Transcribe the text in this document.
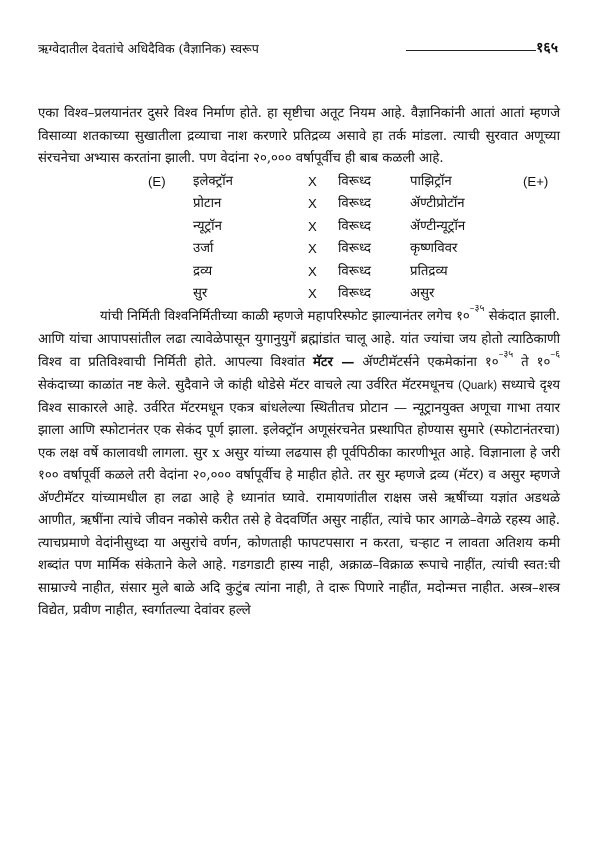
ऋग्वेदातील देवतांचे अधिदैविक (वैज्ञानिक) स्वरूप	१६५

एका विश्व–प्रलयानंतर दुसरे विश्व निर्माण होते. हा सृष्टीचा अतूट नियम आहे. वैज्ञानिकांनी आतां आतां म्हणजे विसाव्या शतकाच्या सुखातीला द्रव्याचा नाश करणारे प्रतिद्रव्य असावे हा तर्क मांडला. त्याची सुरवात अणूच्या संरचनेचा अभ्यास करतांना झाली. पण वेदांना २०,००० वर्षापूर्वीच ही बाब कळली आहे.

(E) इलेक्ट्रॉन	X विरूध्द	पाझिट्रॉन	(E+)
प्रोटान	X विरूध्द	ॲण्टीप्रोटॉन
न्यूट्रॉन	X विरूध्द	ॲण्टीन्यूट्रॉन
उर्जा	X विरूध्द	कृष्णविवर
द्रव्य	X विरूध्द	प्रतिद्रव्य
सुर	X विरूध्द	असुर

यांची निर्मिती विश्वनिर्मितीच्या काळी म्हणजे महापरिस्फोट झाल्यानंतर लगेच $१०^{-३५}$ सेकंदात झाली. आणि यांचा आपापसांतील लढा त्यावेळेपासून युगानुयुगें ब्रह्मांडांत चालू आहे. यांत ज्यांचा जय होतो त्याठिकाणी विश्व वा प्रतिविश्वाची निर्मिती होते. आपल्या विश्वांत मॅटर — ॲण्टीमॅटर्सने एकमेकांना $१०^{-३५}$ ते $१०^{-६}$ सेकंदाच्या काळांत नष्ट केले. सुदैवाने जे कांही थोडेसे मॅटर वाचले त्या उर्वरित मॅटरमधूनच (Quark) सध्याचे दृश्य विश्व साकारले आहे. उर्वरित मॅटरमधून एकत्र बांधलेल्या स्थितीतच प्रोटान — न्यूट्रानयुक्त अणूचा गाभा तयार झाला आणि स्फोटानंतर एक सेकंद पूर्ण झाला. इलेक्ट्रॉन अणूसंरचनेत प्रस्थापित होण्यास सुमारे (स्फोटानंतरचा) एक लक्ष वर्षे कालावधी लागला. सुर x असुर यांच्या लढयास ही पूर्वपिठीका कारणीभूत आहे. विज्ञानाला हे जरी १०० वर्षापूर्वी कळले तरी वेदांना २०,००० वर्षापूर्वीच हे माहीत होते. तर सुर म्हणजे द्रव्य (मॅटर) व असुर म्हणजे ॲण्टीमॅटर यांच्यामधील हा लढा आहे हे ध्यानांत घ्यावे. रामायणांतील राक्षस जसे ऋषींच्या यज्ञांत अडथळे आणीत, ऋषींना त्यांचे जीवन नकोसे करीत तसे हे वेदवर्णित असुर नाहींत, त्यांचे फार आगळे–वेगळे रहस्य आहे. त्याचप्रमाणे वेदांनीसुध्दा या असुरांचे वर्णन, कोणताही फापटपसारा न करता, चऱ्हाट न लावता अतिशय कमी शब्दांत पण मार्मिक संकेताने केले आहे. गडगडाटी हास्य नाही, अक्राळ–विक्राळ रूपाचे नाहींत, त्यांची स्वत:ची साम्राज्ये नाहीत, संसार मुले बाळे अदि कुटुंब त्यांना नाही, ते दारू पिणारे नाहींत, मदोन्मत्त नाहीत. अस्त्र–शस्त्र विद्येत, प्रवीण नाहीत, स्वर्गातल्या देवांवर हल्ले
